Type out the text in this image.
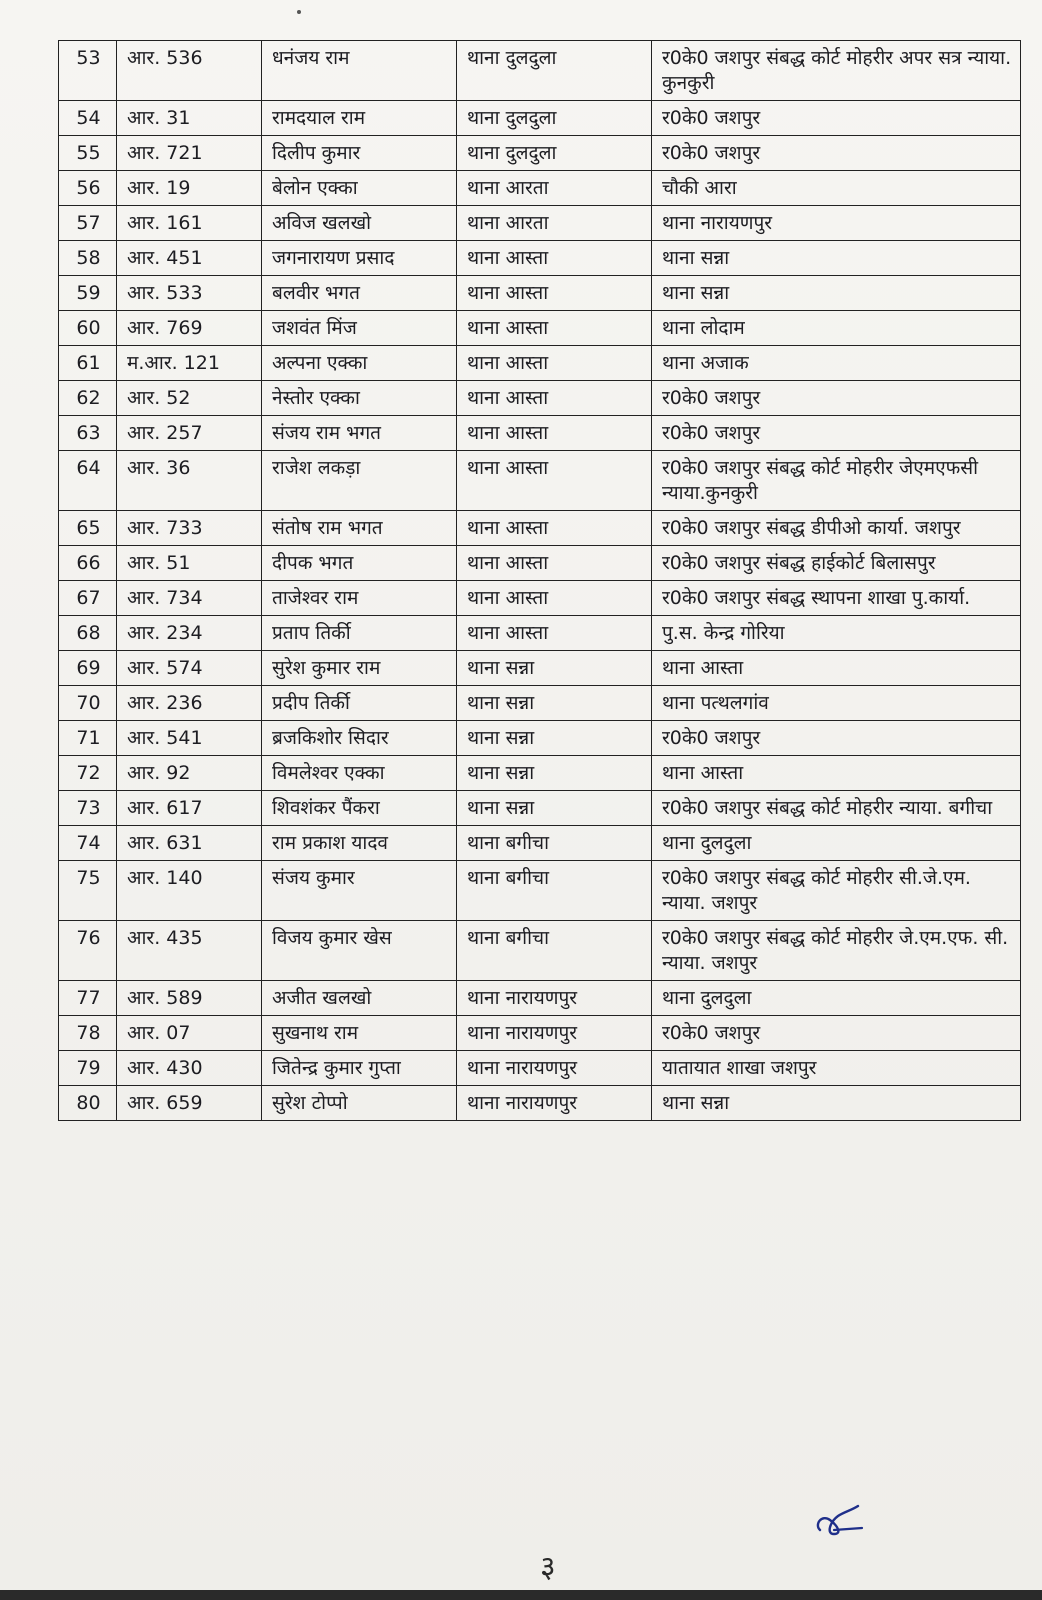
53	आर. 536	धनंजय राम	थाना दुलदुला	र0के0 जशपुर संबद्ध कोर्ट मोहरीर अपर सत्र न्याया. कुनकुरी
54	आर. 31	रामदयाल राम	थाना दुलदुला	र0के0 जशपुर
55	आर. 721	दिलीप कुमार	थाना दुलदुला	र0के0 जशपुर
56	आर. 19	बेलोन एक्का	थाना आरता	चौकी आरा
57	आर. 161	अविज खलखो	थाना आरता	थाना नारायणपुर
58	आर. 451	जगनारायण प्रसाद	थाना आस्ता	थाना सन्ना
59	आर. 533	बलवीर भगत	थाना आस्ता	थाना सन्ना
60	आर. 769	जशवंत मिंज	थाना आस्ता	थाना लोदाम
61	म.आर. 121	अल्पना एक्का	थाना आस्ता	थाना अजाक
62	आर. 52	नेस्तोर एक्का	थाना आस्ता	र0के0 जशपुर
63	आर. 257	संजय राम भगत	थाना आस्ता	र0के0 जशपुर
64	आर. 36	राजेश लकड़ा	थाना आस्ता	र0के0 जशपुर संबद्ध कोर्ट मोहरीर जेएमएफसी न्याया.कुनकुरी
65	आर. 733	संतोष राम भगत	थाना आस्ता	र0के0 जशपुर संबद्ध डीपीओ कार्या. जशपुर
66	आर. 51	दीपक भगत	थाना आस्ता	र0के0 जशपुर संबद्ध हाईकोर्ट बिलासपुर
67	आर. 734	ताजेश्वर राम	थाना आस्ता	र0के0 जशपुर संबद्ध स्थापना शाखा पु.कार्या.
68	आर. 234	प्रताप तिर्की	थाना आस्ता	पु.स. केन्द्र गोरिया
69	आर. 574	सुरेश कुमार राम	थाना सन्ना	थाना आस्ता
70	आर. 236	प्रदीप तिर्की	थाना सन्ना	थाना पत्थलगांव
71	आर. 541	ब्रजकिशोर सिदार	थाना सन्ना	र0के0 जशपुर
72	आर. 92	विमलेश्वर एक्का	थाना सन्ना	थाना आस्ता
73	आर. 617	शिवशंकर पैंकरा	थाना सन्ना	र0के0 जशपुर संबद्ध कोर्ट मोहरीर न्याया. बगीचा
74	आर. 631	राम प्रकाश यादव	थाना बगीचा	थाना दुलदुला
75	आर. 140	संजय कुमार	थाना बगीचा	र0के0 जशपुर संबद्ध कोर्ट मोहरीर सी.जे.एम. न्याया. जशपुर
76	आर. 435	विजय कुमार खेस	थाना बगीचा	र0के0 जशपुर संबद्ध कोर्ट मोहरीर जे.एम.एफ. सी. न्याया. जशपुर
77	आर. 589	अजीत खलखो	थाना नारायणपुर	थाना दुलदुला
78	आर. 07	सुखनाथ राम	थाना नारायणपुर	र0के0 जशपुर
79	आर. 430	जितेन्द्र कुमार गुप्ता	थाना नारायणपुर	यातायात शाखा जशपुर
80	आर. 659	सुरेश टोप्पो	थाना नारायणपुर	थाना सन्ना
३
